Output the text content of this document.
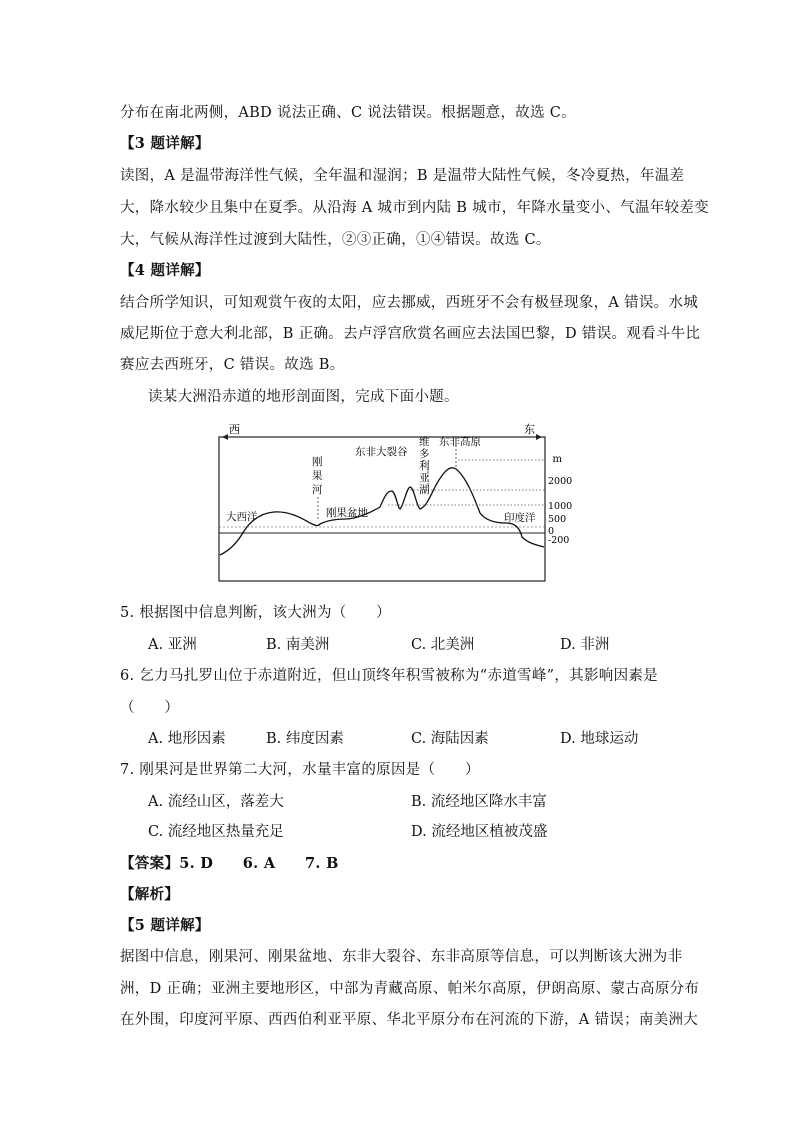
分布在南北两侧，ABD 说法正确、C 说法错误。根据题意，故选 C。
【3 题详解】
读图，A 是温带海洋性气候，全年温和湿润；B 是温带大陆性气候，冬冷夏热，年温差
大，降水较少且集中在夏季。从沿海 A 城市到内陆 B 城市，年降水量变小、气温年较差变
大，气候从海洋性过渡到大陆性，②③正确，①④错误。故选 C。
【4 题详解】
结合所学知识，可知观赏午夜的太阳，应去挪威，西班牙不会有极昼现象，A 错误。水城
威尼斯位于意大利北部，B 正确。去卢浮宫欣赏名画应去法国巴黎，D 错误。观看斗牛比
赛应去西班牙，C 错误。故选 B。
读某大洲沿赤道的地形剖面图，完成下面小题。
西	东
m
2000
1000
500
0
-200
大西洋
刚
果
河
刚果盆地
东非大裂谷
维
多
利
亚
湖
东非高原
印度洋
5. 根据图中信息判断，该大洲为（　　）
A. 亚洲	B. 南美洲	C. 北美洲	D. 非洲
6. 乞力马扎罗山位于赤道附近，但山顶终年积雪被称为“赤道雪峰”，其影响因素是
（　　）
A. 地形因素	B. 纬度因素	C. 海陆因素	D. 地球运动
7. 刚果河是世界第二大河，水量丰富的原因是（　　）
A. 流经山区，落差大	B. 流经地区降水丰富
C. 流经地区热量充足	D. 流经地区植被茂盛
【答案】5. D　　6. A　　7. B
【解析】
【5 题详解】
据图中信息，刚果河、刚果盆地、东非大裂谷、东非高原等信息，可以判断该大洲为非
洲，D 正确；亚洲主要地形区，中部为青藏高原、帕米尔高原，伊朗高原、蒙古高原分布
在外围，印度河平原、西西伯利亚平原、华北平原分布在河流的下游，A 错误；南美洲大
